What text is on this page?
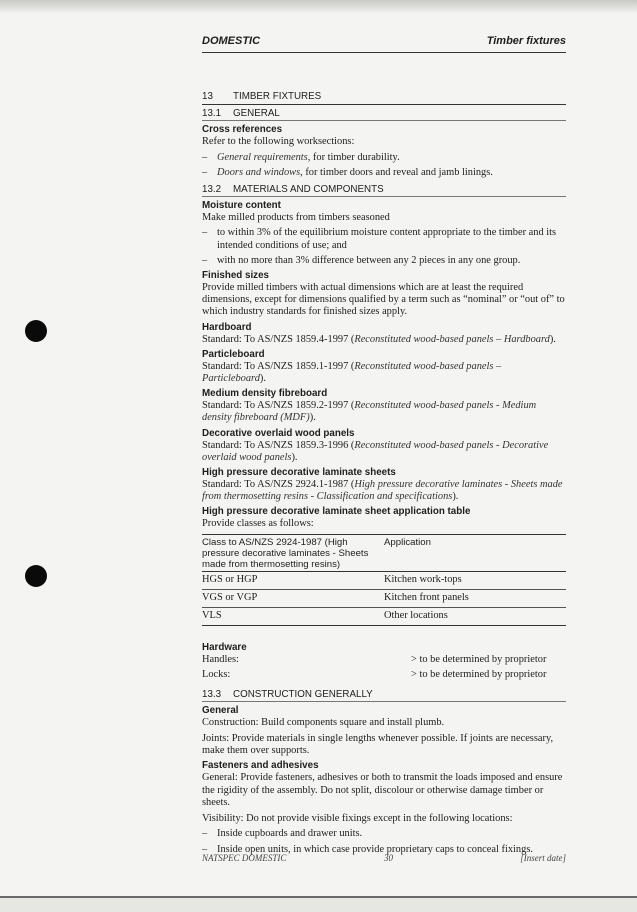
DOMESTIC	Timber fixtures
13 TIMBER FIXTURES
13.1 GENERAL
Cross references

Refer to the following worksections:

– General requirements, for timber durability.
– Doors and windows, for timber doors and reveal and jamb linings.
13.2 MATERIALS AND COMPONENTS
Moisture content

Make milled products from timbers seasoned

– to within 3% of the equilibrium moisture content appropriate to the timber and its intended conditions of use; and
– with no more than 3% difference between any 2 pieces in any one group.
Finished sizes

Provide milled timbers with actual dimensions which are at least the required dimensions, except for dimensions qualified by a term such as “nominal” or “out of” to which industry standards for finished sizes apply.

Hardboard

Standard: To AS/NZS 1859.4-1997 (Reconstituted wood-based panels – Hardboard).

Particleboard

Standard: To AS/NZS 1859.1-1997 (Reconstituted wood-based panels – Particleboard).

Medium density fibreboard

Standard: To AS/NZS 1859.2-1997 (Reconstituted wood-based panels - Medium density fibreboard (MDF)).

Decorative overlaid wood panels

Standard: To AS/NZS 1859.3-1996 (Reconstituted wood-based panels - Decorative overlaid wood panels).

High pressure decorative laminate sheets

Standard: To AS/NZS 2924.1-1987 (High pressure decorative laminates - Sheets made from thermosetting resins - Classification and specifications).

High pressure decorative laminate sheet application table

Provide classes as follows:

Class to AS/NZS 2924-1987 (High pressure decorative laminates - Sheets made from thermosetting resins)	Application
HGS or HGP	Kitchen work-tops
VGS or VGP	Kitchen front panels
VLS	Other locations
Hardware
Handles:	> to be determined by proprietor
Locks:	> to be determined by proprietor
13.3 CONSTRUCTION GENERALLY
General

Construction: Build components square and install plumb.

Joints: Provide materials in single lengths whenever possible. If joints are necessary, make them over supports.

Fasteners and adhesives

General: Provide fasteners, adhesives or both to transmit the loads imposed and ensure the rigidity of the assembly. Do not split, discolour or otherwise damage timber or sheets.

Visibility: Do not provide visible fixings except in the following locations:

– Inside cupboards and drawer units.
– Inside open units, in which case provide proprietary caps to conceal fixings.
NATSPEC DOMESTIC	30	[Insert date]
